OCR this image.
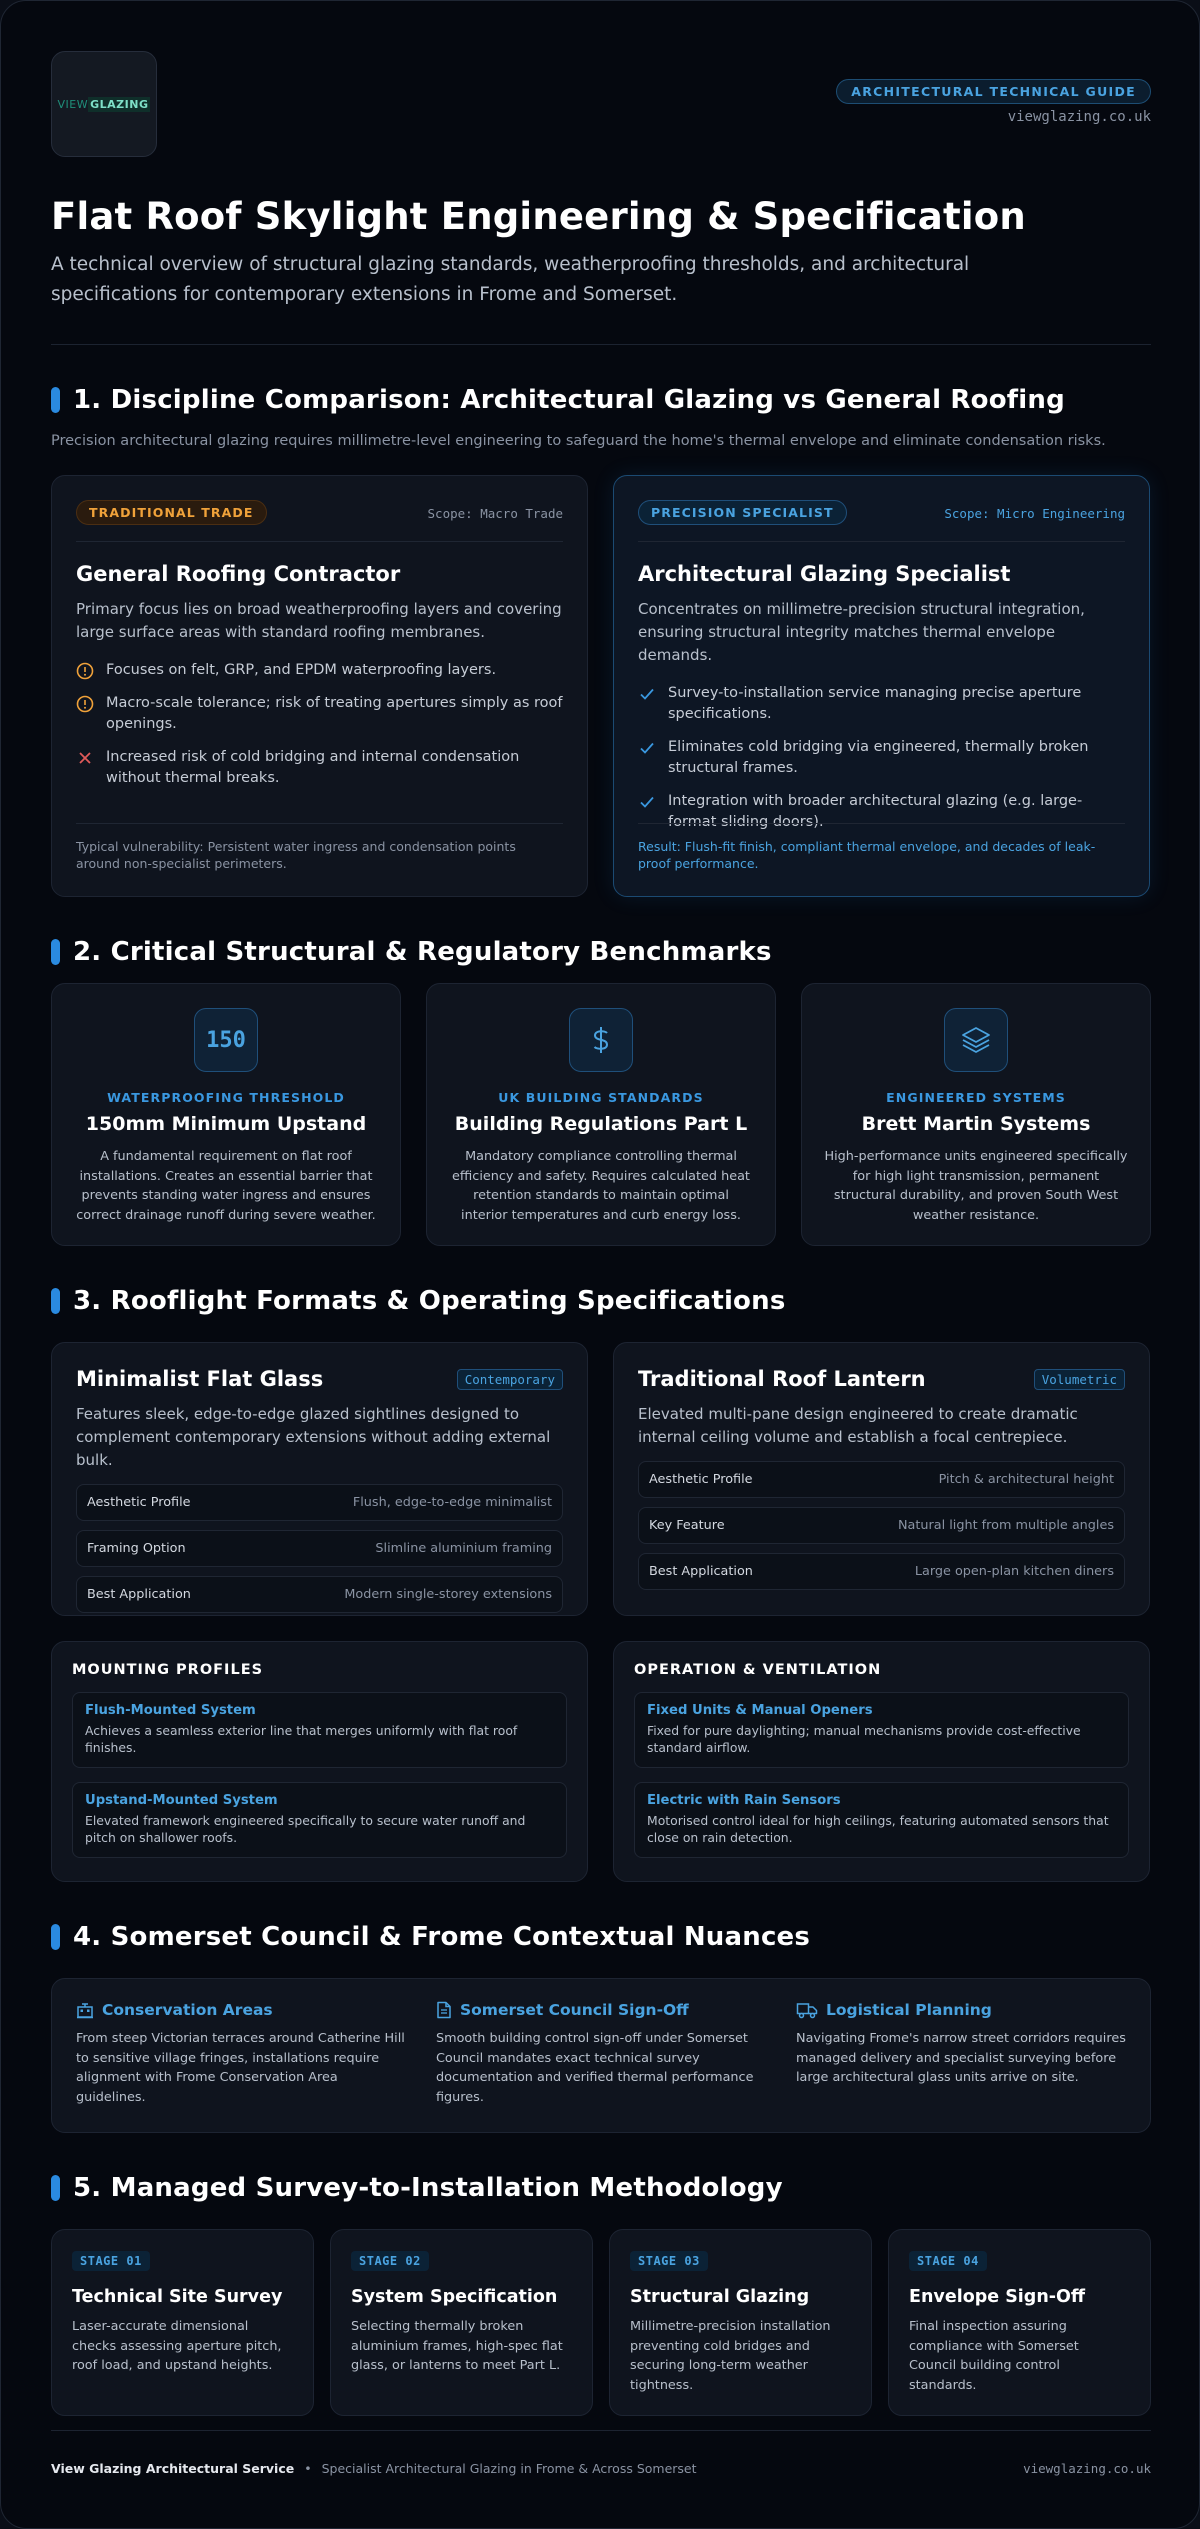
VIEW GLAZING
ARCHITECTURAL TECHNICAL GUIDE
viewglazing.co.uk
Flat Roof Skylight Engineering & Specification

A technical overview of structural glazing standards, weatherproofing thresholds, and architectural specifications for contemporary extensions in Frome and Somerset.

1. Discipline Comparison: Architectural Glazing vs General Roofing

Precision architectural glazing requires millimetre-level engineering to safeguard the home's thermal envelope and eliminate condensation risks.

TRADITIONAL TRADE	Scope: Macro Trade
General Roofing Contractor

Primary focus lies on broad weatherproofing layers and covering large surface areas with standard roofing membranes.

Focuses on felt, GRP, and EPDM waterproofing layers.
Macro-scale tolerance; risk of treating apertures simply as roof openings.
Increased risk of cold bridging and internal condensation without thermal breaks.
Typical vulnerability: Persistent water ingress and condensation points around non-specialist perimeters.
PRECISION SPECIALIST	Scope: Micro Engineering
Architectural Glazing Specialist

Concentrates on millimetre-precision structural integration, ensuring structural integrity matches thermal envelope demands.

Survey-to-installation service managing precise aperture specifications.
Eliminates cold bridging via engineered, thermally broken structural frames.
Integration with broader architectural glazing (e.g. large-format sliding doors).
Result: Flush-fit finish, compliant thermal envelope, and decades of leak-proof performance.
2. Critical Structural & Regulatory Benchmarks
150
WATERPROOFING THRESHOLD
150mm Minimum Upstand

A fundamental requirement on flat roof installations. Creates an essential barrier that prevents standing water ingress and ensures correct drainage runoff during severe weather.

UK BUILDING STANDARDS
Building Regulations Part L

Mandatory compliance controlling thermal efficiency and safety. Requires calculated heat retention standards to maintain optimal interior temperatures and curb energy loss.

ENGINEERED SYSTEMS
Brett Martin Systems

High-performance units engineered specifically for high light transmission, permanent structural durability, and proven South West weather resistance.

3. Rooflight Formats & Operating Specifications
Minimalist Flat Glass	Contemporary

Features sleek, edge-to-edge glazed sightlines designed to complement contemporary extensions without adding external bulk.

Aesthetic Profile	Flush, edge-to-edge minimalist
Framing Option	Slimline aluminium framing
Best Application	Modern single-storey extensions
Traditional Roof Lantern	Volumetric

Elevated multi-pane design engineered to create dramatic internal ceiling volume and establish a focal centrepiece.

Aesthetic Profile	Pitch & architectural height
Key Feature	Natural light from multiple angles
Best Application	Large open-plan kitchen diners
MOUNTING PROFILES
Flush-Mounted System
Achieves a seamless exterior line that merges uniformly with flat roof finishes.
Upstand-Mounted System
Elevated framework engineered specifically to secure water runoff and pitch on shallower roofs.
OPERATION & VENTILATION
Fixed Units & Manual Openers
Fixed for pure daylighting; manual mechanisms provide cost-effective standard airflow.
Electric with Rain Sensors
Motorised control ideal for high ceilings, featuring automated sensors that close on rain detection.
4. Somerset Council & Frome Contextual Nuances
Conservation Areas

From steep Victorian terraces around Catherine Hill to sensitive village fringes, installations require alignment with Frome Conservation Area guidelines.

Somerset Council Sign-Off

Smooth building control sign-off under Somerset Council mandates exact technical survey documentation and verified thermal performance figures.

Logistical Planning

Navigating Frome's narrow street corridors requires managed delivery and specialist surveying before large architectural glass units arrive on site.

5. Managed Survey-to-Installation Methodology
STAGE 01
Technical Site Survey

Laser-accurate dimensional checks assessing aperture pitch, roof load, and upstand heights.

STAGE 02
System Specification

Selecting thermally broken aluminium frames, high-spec flat glass, or lanterns to meet Part L.

STAGE 03
Structural Glazing

Millimetre-precision installation preventing cold bridges and securing long-term weather tightness.

STAGE 04
Envelope Sign-Off

Final inspection assuring compliance with Somerset Council building control standards.

View Glazing Architectural Service • Specialist Architectural Glazing in Frome & Across Somerset	viewglazing.co.uk
